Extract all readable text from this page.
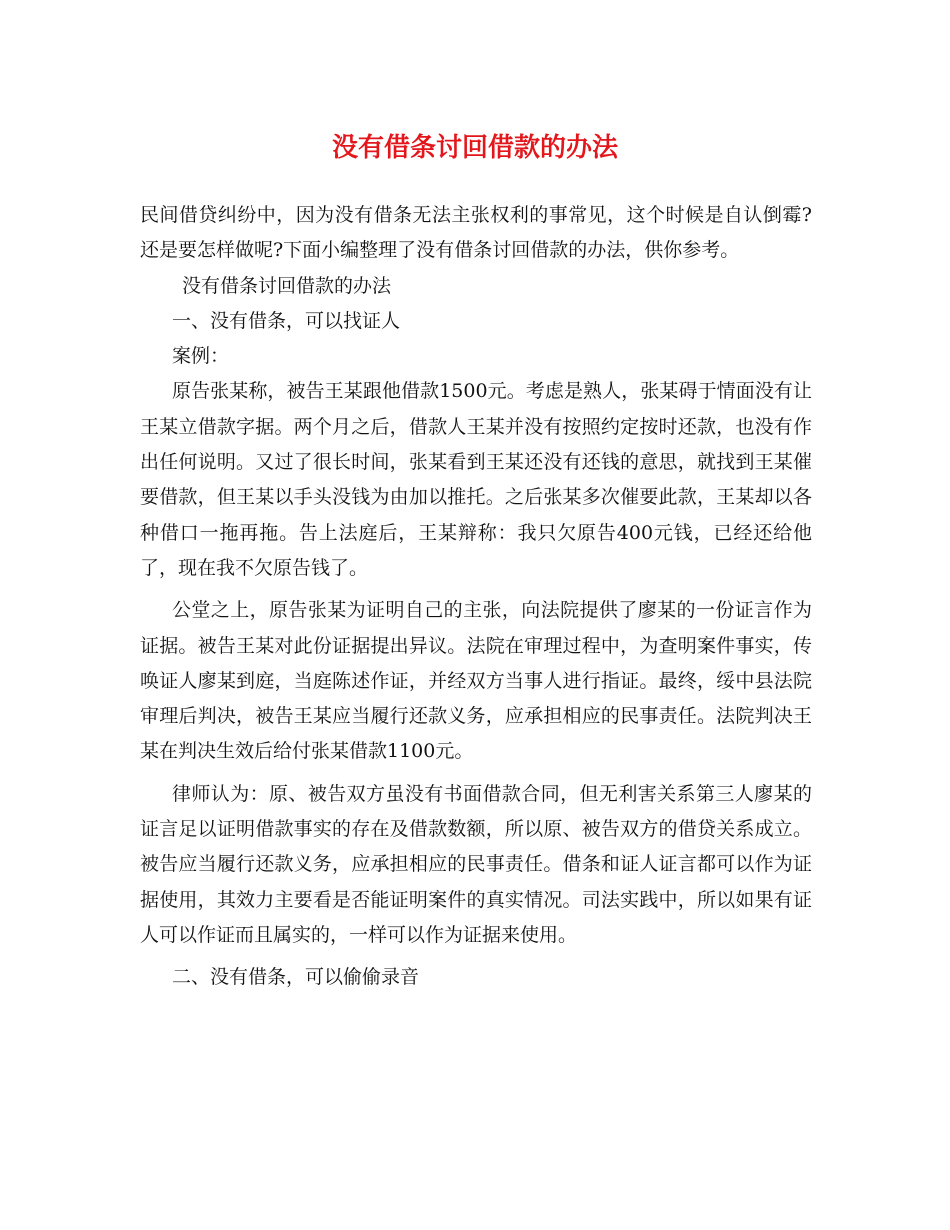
没有借条讨回借款的办法

民间借贷纠纷中，因为没有借条无法主张权利的事常见，这个时候是自认倒霉?还是要怎样做呢?下面小编整理了没有借条讨回借款的办法，供你参考。

没有借条讨回借款的办法

一、没有借条，可以找证人

案例：

原告张某称，被告王某跟他借款1500元。考虑是熟人，张某碍于情面没有让王某立借款字据。两个月之后，借款人王某并没有按照约定按时还款，也没有作出任何说明。又过了很长时间，张某看到王某还没有还钱的意思，就找到王某催要借款，但王某以手头没钱为由加以推托。之后张某多次催要此款，王某却以各种借口一拖再拖。告上法庭后，王某辩称：我只欠原告400元钱，已经还给他了，现在我不欠原告钱了。

公堂之上，原告张某为证明自己的主张，向法院提供了廖某的一份证言作为证据。被告王某对此份证据提出异议。法院在审理过程中，为查明案件事实，传唤证人廖某到庭，当庭陈述作证，并经双方当事人进行指证。最终，绥中县法院审理后判决，被告王某应当履行还款义务，应承担相应的民事责任。法院判决王某在判决生效后给付张某借款1100元。

律师认为：原、被告双方虽没有书面借款合同，但无利害关系第三人廖某的证言足以证明借款事实的存在及借款数额，所以原、被告双方的借贷关系成立。被告应当履行还款义务，应承担相应的民事责任。借条和证人证言都可以作为证据使用，其效力主要看是否能证明案件的真实情况。司法实践中，所以如果有证人可以作证而且属实的，一样可以作为证据来使用。

二、没有借条，可以偷偷录音
